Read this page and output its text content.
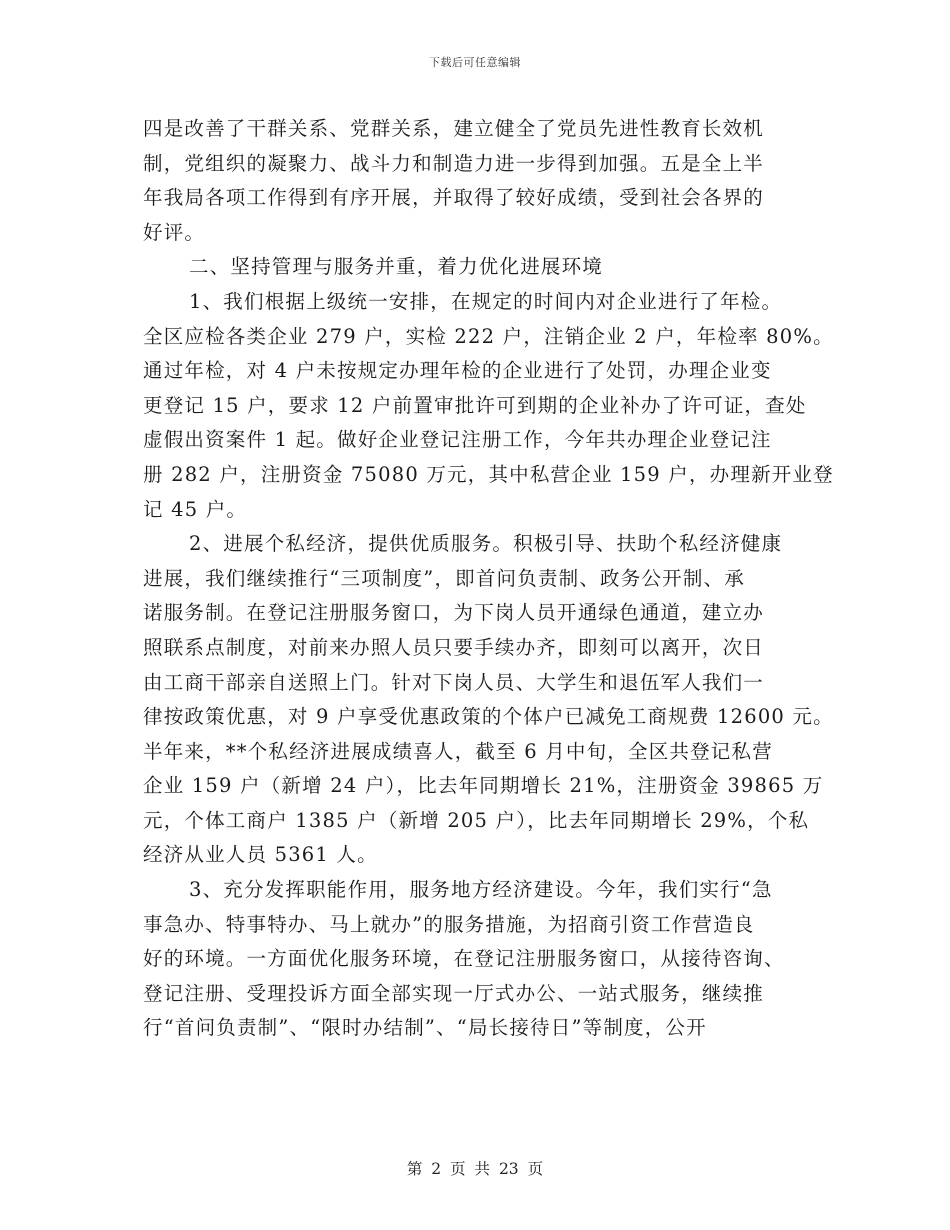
下载后可任意编辑
四是改善了干群关系、党群关系，建立健全了党员先进性教育长效机
制，党组织的凝聚力、战斗力和制造力进一步得到加强。五是全上半
年我局各项工作得到有序开展，并取得了较好成绩，受到社会各界的
好评。
二、坚持管理与服务并重，着力优化进展环境
1、我们根据上级统一安排，在规定的时间内对企业进行了年检。
全区应检各类企业 279 户，实检 222 户，注销企业 2 户，年检率 80%。
通过年检，对 4 户未按规定办理年检的企业进行了处罚，办理企业变
更登记 15 户，要求 12 户前置审批许可到期的企业补办了许可证，查处
虚假出资案件 1 起。做好企业登记注册工作，今年共办理企业登记注
册 282 户，注册资金 75080 万元，其中私营企业 159 户，办理新开业登
记 45 户。
2、进展个私经济，提供优质服务。积极引导、扶助个私经济健康
进展，我们继续推行“三项制度”，即首问负责制、政务公开制、承
诺服务制。在登记注册服务窗口，为下岗人员开通绿色通道，建立办
照联系点制度，对前来办照人员只要手续办齐，即刻可以离开，次日
由工商干部亲自送照上门。针对下岗人员、大学生和退伍军人我们一
律按政策优惠，对 9 户享受优惠政策的个体户已减免工商规费 12600 元。
半年来，**个私经济进展成绩喜人，截至 6 月中旬，全区共登记私营
企业 159 户（新增 24 户），比去年同期增长 21%，注册资金 39865 万
元，个体工商户 1385 户（新增 205 户），比去年同期增长 29%，个私
经济从业人员 5361 人。
3、充分发挥职能作用，服务地方经济建设。今年，我们实行“急
事急办、特事特办、马上就办”的服务措施，为招商引资工作营造良
好的环境。一方面优化服务环境，在登记注册服务窗口，从接待咨询、
登记注册、受理投诉方面全部实现一厅式办公、一站式服务，继续推
行“首问负责制”、“限时办结制”、“局长接待日”等制度，公开
第 2 页 共 23 页
